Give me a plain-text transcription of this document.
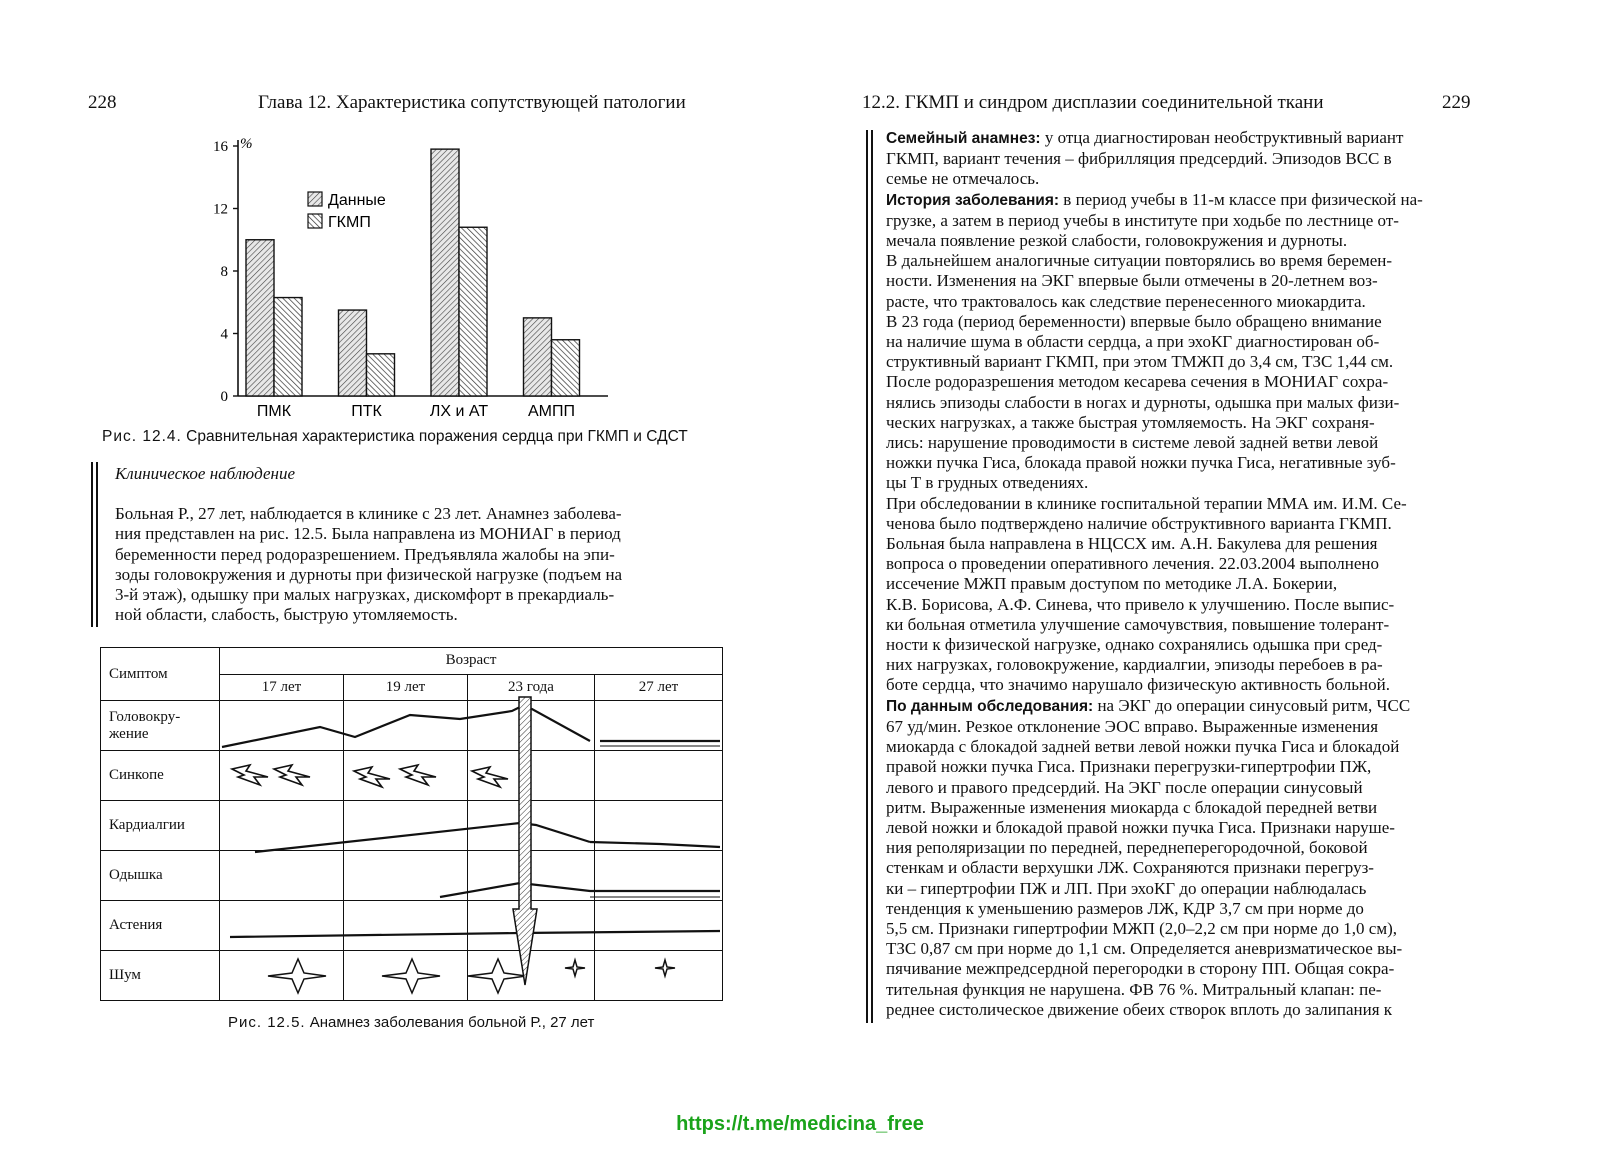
228	Глава 12. Характеристика сопутствующей патологии
0
4
8
12
16 %
ПМК	ПТК	ЛХ и АТ АМПП
Данные
ГКМП
Рис. 12.4. Сравнительная характеристика поражения сердца при ГКМП и СДСТ
Клиническое наблюдение
Больная Р., 27 лет, наблюдается в клинике с 23 лет. Анамнез заболева-
ния представлен на рис. 12.5. Была направлена из МОНИАГ в период
беременности перед родоразрешением. Предъявляла жалобы на эпи-
зоды головокружения и дурноты при физической нагрузке (подъем на
3-й этаж), одышку при малых нагрузках, дискомфорт в прекардиаль-
ной области, слабость, быструю утомляемость.
Симптом	Возраст			
	17 лет	19 лет	23 года	27 лет

Головокру-
жение				

Синкопе				

Кардиалгии				

Одышка				

Астения				

Шум				

Рис. 12.5. Анамнез заболевания больной Р., 27 лет
12.2. ГКМП и синдром дисплазии соединительной ткани	229
Семейный анамнез: у отца диагностирован необструктивный вариант
ГКМП, вариант течения – фибрилляция предсердий. Эпизодов ВСС в
семье не отмечалось.
История заболевания: в период учебы в 11-м классе при физической на-
грузке, а затем в период учебы в институте при ходьбе по лестнице от-
мечала появление резкой слабости, головокружения и дурноты.
В дальнейшем аналогичные ситуации повторялись во время беремен-
ности. Изменения на ЭКГ впервые были отмечены в 20-летнем воз-
расте, что трактовалось как следствие перенесенного миокардита.
В 23 года (период беременности) впервые было обращено внимание
на наличие шума в области сердца, а при эхоКГ диагностирован об-
структивный вариант ГКМП, при этом ТМЖП до 3,4 см, ТЗС 1,44 см.
После родоразрешения методом кесарева сечения в МОНИАГ сохра-
нялись эпизоды слабости в ногах и дурноты, одышка при малых физи-
ческих нагрузках, а также быстрая утомляемость. На ЭКГ сохраня-
лись: нарушение проводимости в системе левой задней ветви левой
ножки пучка Гиса, блокада правой ножки пучка Гиса, негативные зуб-
цы Т в грудных отведениях.
При обследовании в клинике госпитальной терапии ММА им. И.М. Се-
ченова было подтверждено наличие обструктивного варианта ГКМП.
Больная была направлена в НЦССХ им. А.Н. Бакулева для решения
вопроса о проведении оперативного лечения. 22.03.2004 выполнено
иссечение МЖП правым доступом по методике Л.А. Бокерии,
К.В. Борисова, А.Ф. Синева, что привело к улучшению. После выпис-
ки больная отметила улучшение самочувствия, повышение толерант-
ности к физической нагрузке, однако сохранялись одышка при сред-
них нагрузках, головокружение, кардиалгии, эпизоды перебоев в ра-
боте сердца, что значимо нарушало физическую активность больной.
По данным обследования: на ЭКГ до операции синусовый ритм, ЧСС
67 уд/мин. Резкое отклонение ЭОС вправо. Выраженные изменения
миокарда с блокадой задней ветви левой ножки пучка Гиса и блокадой
правой ножки пучка Гиса. Признаки перегрузки-гипертрофии ПЖ,
левого и правого предсердий. На ЭКГ после операции синусовый
ритм. Выраженные изменения миокарда с блокадой передней ветви
левой ножки и блокадой правой ножки пучка Гиса. Признаки наруше-
ния реполяризации по передней, переднеперегородочной, боковой
стенкам и области верхушки ЛЖ. Сохраняются признаки перегруз-
ки – гипертрофии ПЖ и ЛП. При эхоКГ до операции наблюдалась
тенденция к уменьшению размеров ЛЖ, КДР 3,7 см при норме до
5,5 см. Признаки гипертрофии МЖП (2,0–2,2 см при норме до 1,0 см),
ТЗС 0,87 см при норме до 1,1 см. Определяется аневризматическое вы-
пячивание межпредсердной перегородки в сторону ПП. Общая сокра-
тительная функция не нарушена. ФВ 76 %. Митральный клапан: пе-
реднее систолическое движение обеих створок вплоть до залипания к
https://t.me/medicina_free
